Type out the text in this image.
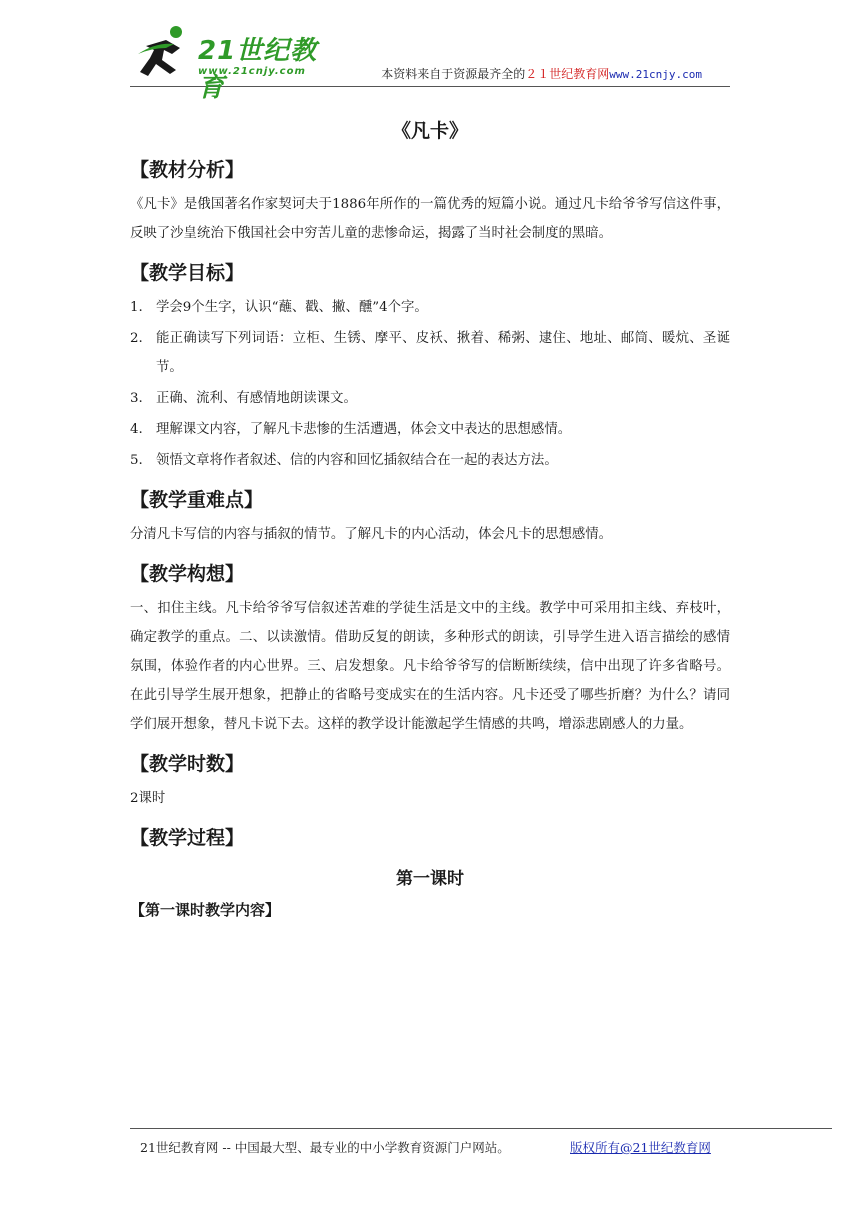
21世纪教育
www.21cnjy.com	本资料来自于资源最齐全的２１世纪教育网www.21cnjy.com
《凡卡》
【教材分析】
《凡卡》是俄国著名作家契诃夫于1886年所作的一篇优秀的短篇小说。通过凡卡给爷爷写信这件事，反映了沙皇统治下俄国社会中穷苦儿童的悲惨命运，揭露了当时社会制度的黑暗。
【教学目标】
1. 学会9个生字，认识“蘸、戳、撇、醺”4个字。
2. 能正确读写下列词语：立柜、生锈、摩平、皮袄、揪着、稀粥、逮住、地址、邮筒、暖炕、圣诞节。
3. 正确、流利、有感情地朗读课文。
4. 理解课文内容，了解凡卡悲惨的生活遭遇，体会文中表达的思想感情。
5. 领悟文章将作者叙述、信的内容和回忆插叙结合在一起的表达方法。
【教学重难点】
分清凡卡写信的内容与插叙的情节。了解凡卡的内心活动，体会凡卡的思想感情。
【教学构想】
一、扣住主线。凡卡给爷爷写信叙述苦难的学徒生活是文中的主线。教学中可采用扣主线、弃枝叶，确定教学的重点。二、以读激情。借助反复的朗读，多种形式的朗读，引导学生进入语言描绘的感情氛围，体验作者的内心世界。三、启发想象。凡卡给爷爷写的信断断续续，信中出现了许多省略号。在此引导学生展开想象，把静止的省略号变成实在的生活内容。凡卡还受了哪些折磨？为什么？请同学们展开想象，替凡卡说下去。这样的教学设计能激起学生情感的共鸣，增添悲剧感人的力量。
【教学时数】
2课时
【教学过程】
第一课时
【第一课时教学内容】
21世纪教育网 -- 中国最大型、最专业的中小学教育资源门户网站。	版权所有@21世纪教育网
